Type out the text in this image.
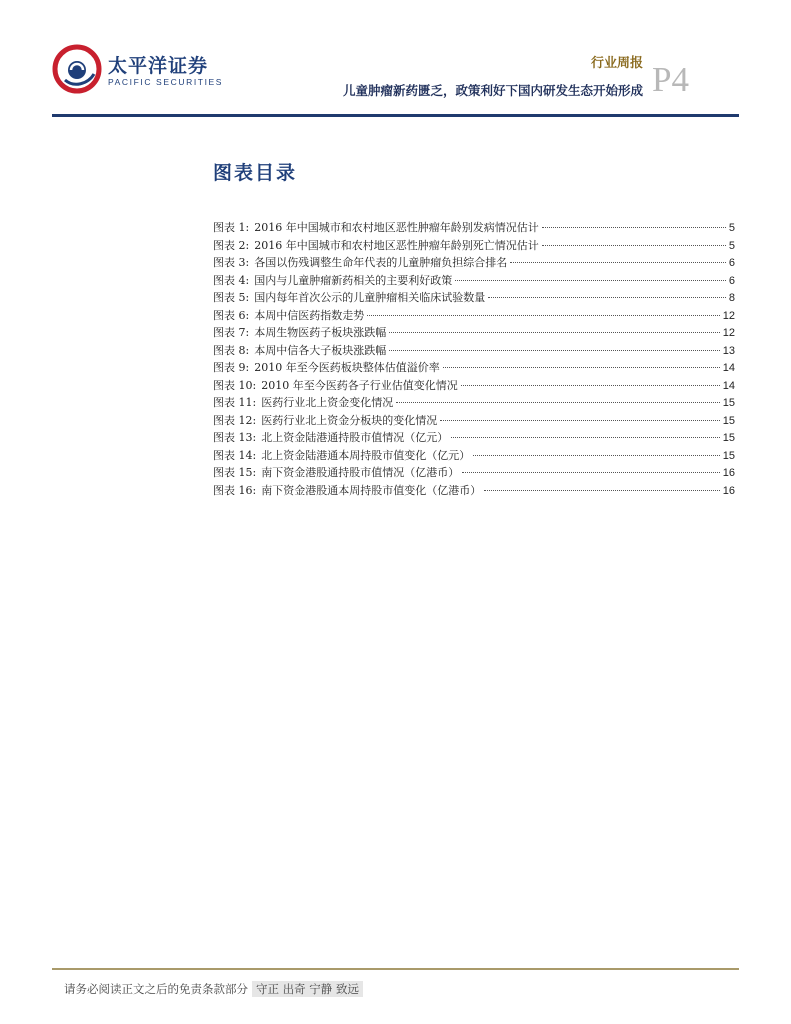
太平洋证券
PACIFIC SECURITIES
行业周报
儿童肿瘤新药匮乏，政策利好下国内研发生态开始形成 P4
图表目录
图表 1: 2016 年中国城市和农村地区恶性肿瘤年龄别发病情况估计	5
图表 2: 2016 年中国城市和农村地区恶性肿瘤年龄别死亡情况估计	5
图表 3: 各国以伤残调整生命年代表的儿童肿瘤负担综合排名	6
图表 4: 国内与儿童肿瘤新药相关的主要利好政策	6
图表 5: 国内每年首次公示的儿童肿瘤相关临床试验数量	8
图表 6: 本周中信医药指数走势	12
图表 7: 本周生物医药子板块涨跌幅	12
图表 8: 本周中信各大子板块涨跌幅	13
图表 9: 2010 年至今医药板块整体估值溢价率	14
图表 10: 2010 年至今医药各子行业估值变化情况	14
图表 11: 医药行业北上资金变化情况	15
图表 12: 医药行业北上资金分板块的变化情况	15
图表 13: 北上资金陆港通持股市值情况（亿元）	15
图表 14: 北上资金陆港通本周持股市值变化（亿元）	15
图表 15: 南下资金港股通持股市值情况（亿港币）	16
图表 16: 南下资金港股通本周持股市值变化（亿港币）	16
请务必阅读正文之后的免责条款部分 守正 出奇 宁静 致远
